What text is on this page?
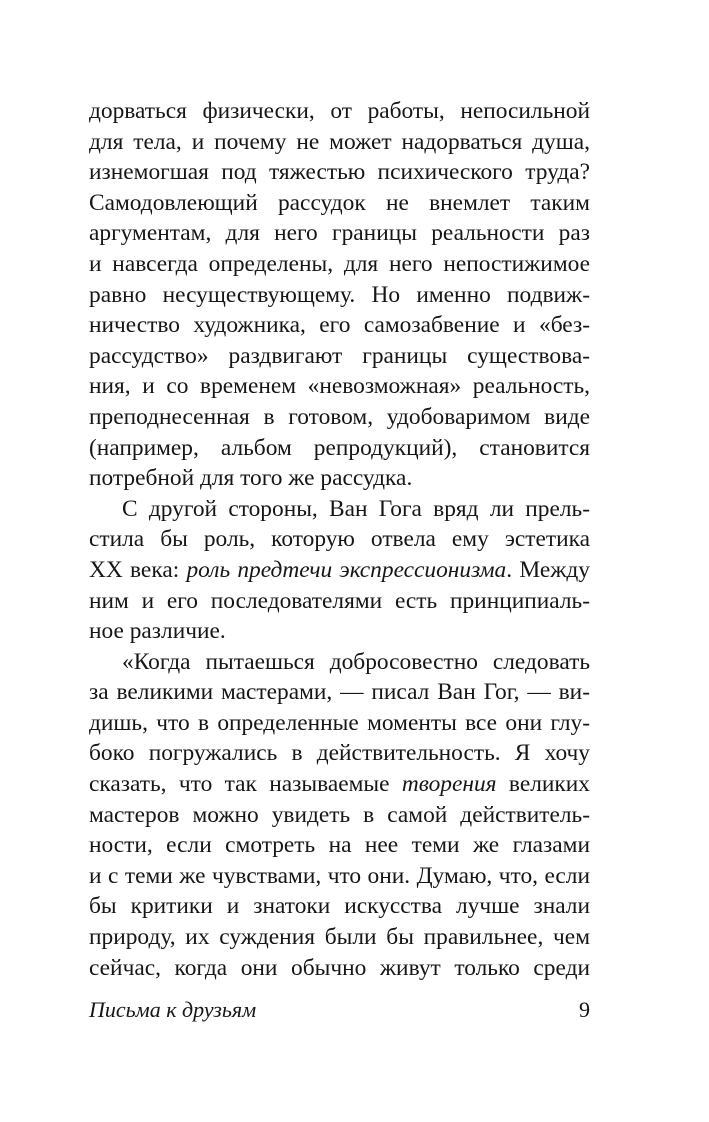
дорваться физически, от работы, непосильной
для тела, и почему не может надорваться душа,
изнемогшая под тяжестью психического труда?
Самодовлеющий рассудок не внемлет таким
аргументам, для него границы реальности раз
и навсегда определены, для него непостижимое
равно несуществующему. Но именно подвиж-
ничество художника, его самозабвение и «без-
рассудство» раздвигают границы существова-
ния, и со временем «невозможная» реальность,
преподнесенная в готовом, удобоваримом виде
(например, альбом репродукций), становится
потребной для того же рассудка.
С другой стороны, Ван Гога вряд ли прель-
стила бы роль, которую отвела ему эстетика
XX века: роль предтечи экспрессионизма. Между
ним и его последователями есть принципиаль-
ное различие.
«Когда пытаешься добросовестно следовать
за великими мастерами, — писал Ван Гог, — ви-
дишь, что в определенные моменты все они глу-
боко погружались в действительность. Я хочу
сказать, что так называемые творения великих
мастеров можно увидеть в самой действитель-
ности, если смотреть на нее теми же глазами
и с теми же чувствами, что они. Думаю, что, если
бы критики и знатоки искусства лучше знали
природу, их суждения были бы правильнее, чем
сейчас, когда они обычно живут только среди
Письма к друзьям	9
